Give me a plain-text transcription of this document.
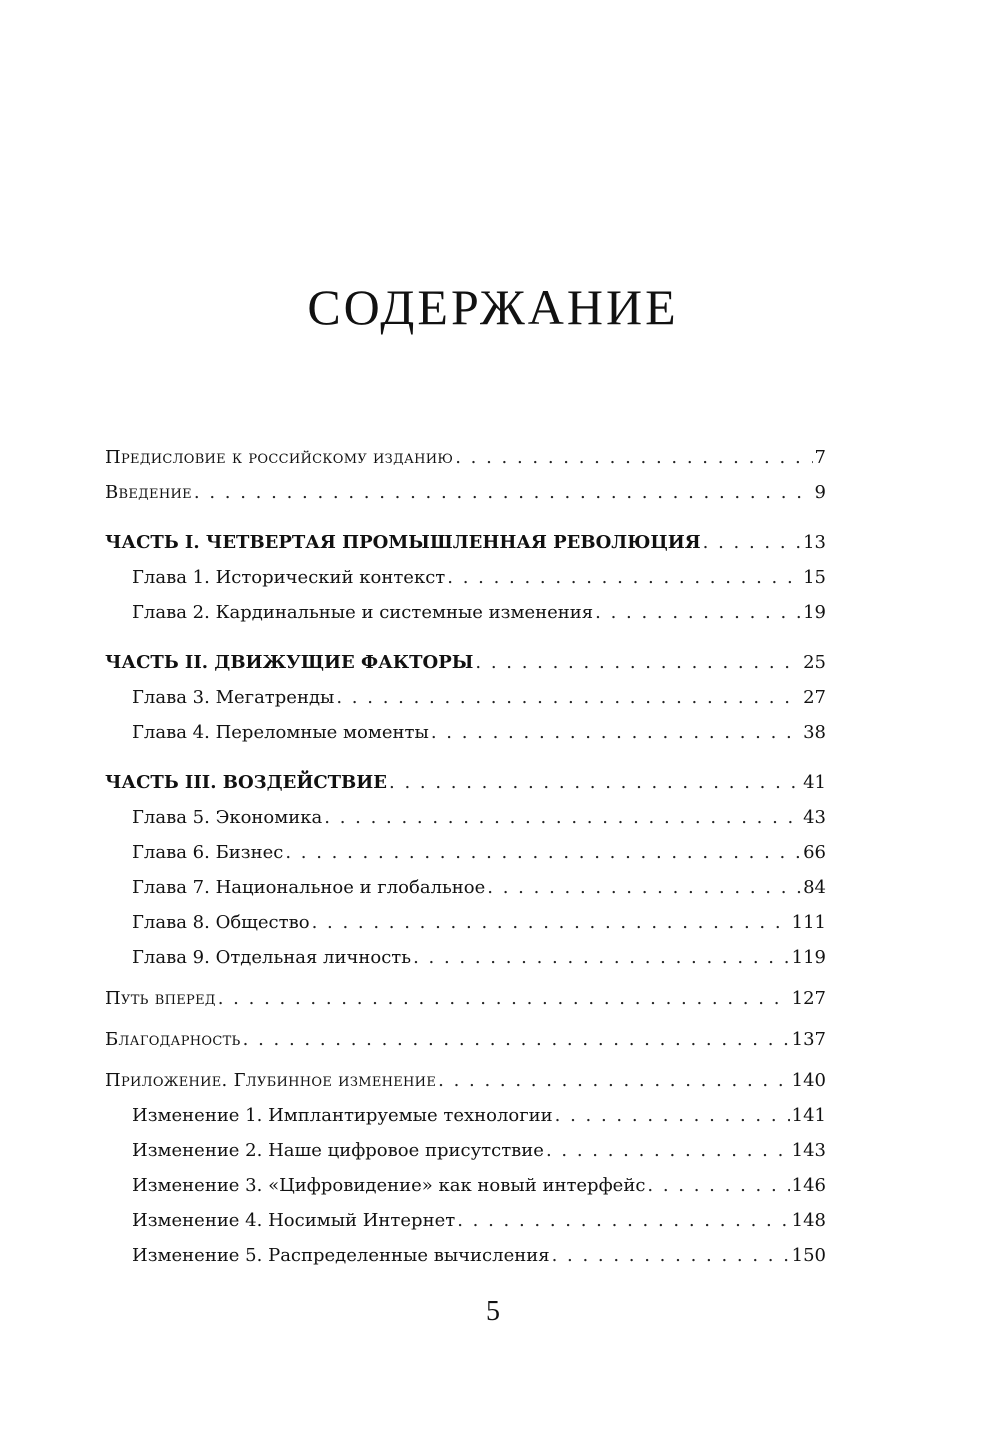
СОДЕРЖАНИЕ
Предисловие к российскому изданию . . .	7
Введение . . .	9
ЧАСТЬ I. ЧЕТВЕРТАЯ ПРОМЫШЛЕННАЯ РЕВОЛЮЦИЯ . . .	13
Глава 1. Исторический контекст . . .	15
Глава 2. Кардинальные и системные изменения . . .	19
ЧАСТЬ II. ДВИЖУЩИЕ ФАКТОРЫ . . .	25
Глава 3. Мегатренды . . .	27
Глава 4. Переломные моменты . . .	38
ЧАСТЬ III. ВОЗДЕЙСТВИЕ . . .	41
Глава 5. Экономика . . .	43
Глава 6. Бизнес . . .	66
Глава 7. Национальное и глобальное . . .	84
Глава 8. Общество . . .	111
Глава 9. Отдельная личность . . .	119
Путь вперед . . .	127
Благодарность . . .	137
Приложение. Глубинное изменение . . .	140
Изменение 1. Имплантируемые технологии . . .	141
Изменение 2. Наше цифровое присутствие . . .	143
Изменение 3. «Цифровидение» как новый интерфейс . . .	146
Изменение 4. Носимый Интернет . . .	148
Изменение 5. Распределенные вычисления . . .	150
5
